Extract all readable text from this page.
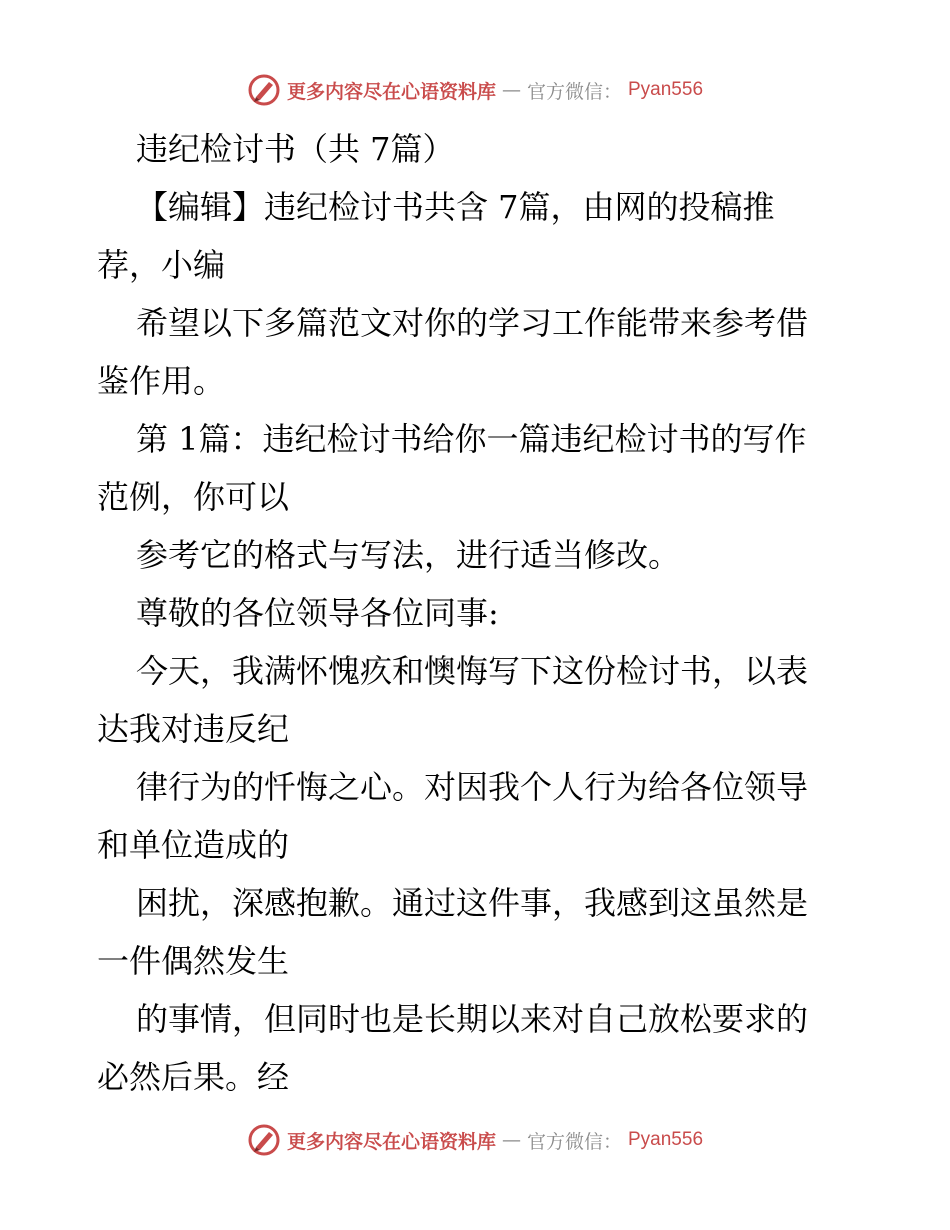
更多内容尽在心语资料库 — 官方微信： Pyan556
违纪检讨书（共 7篇）
【编辑】违纪检讨书共含 7篇，由网的投稿推
荐，小编
希望以下多篇范文对你的学习工作能带来参考借
鉴作用。
第 1篇：违纪检讨书给你一篇违纪检讨书的写作
范例，你可以
参考它的格式与写法，进行适当修改。
尊敬的各位领导各位同事:
今天，我满怀愧疚和懊悔写下这份检讨书，以表
达我对违反纪
律行为的忏悔之心。对因我个人行为给各位领导
和单位造成的
困扰，深感抱歉。通过这件事，我感到这虽然是
一件偶然发生
的事情，但同时也是长期以来对自己放松要求的
必然后果。经
更多内容尽在心语资料库 — 官方微信： Pyan556
